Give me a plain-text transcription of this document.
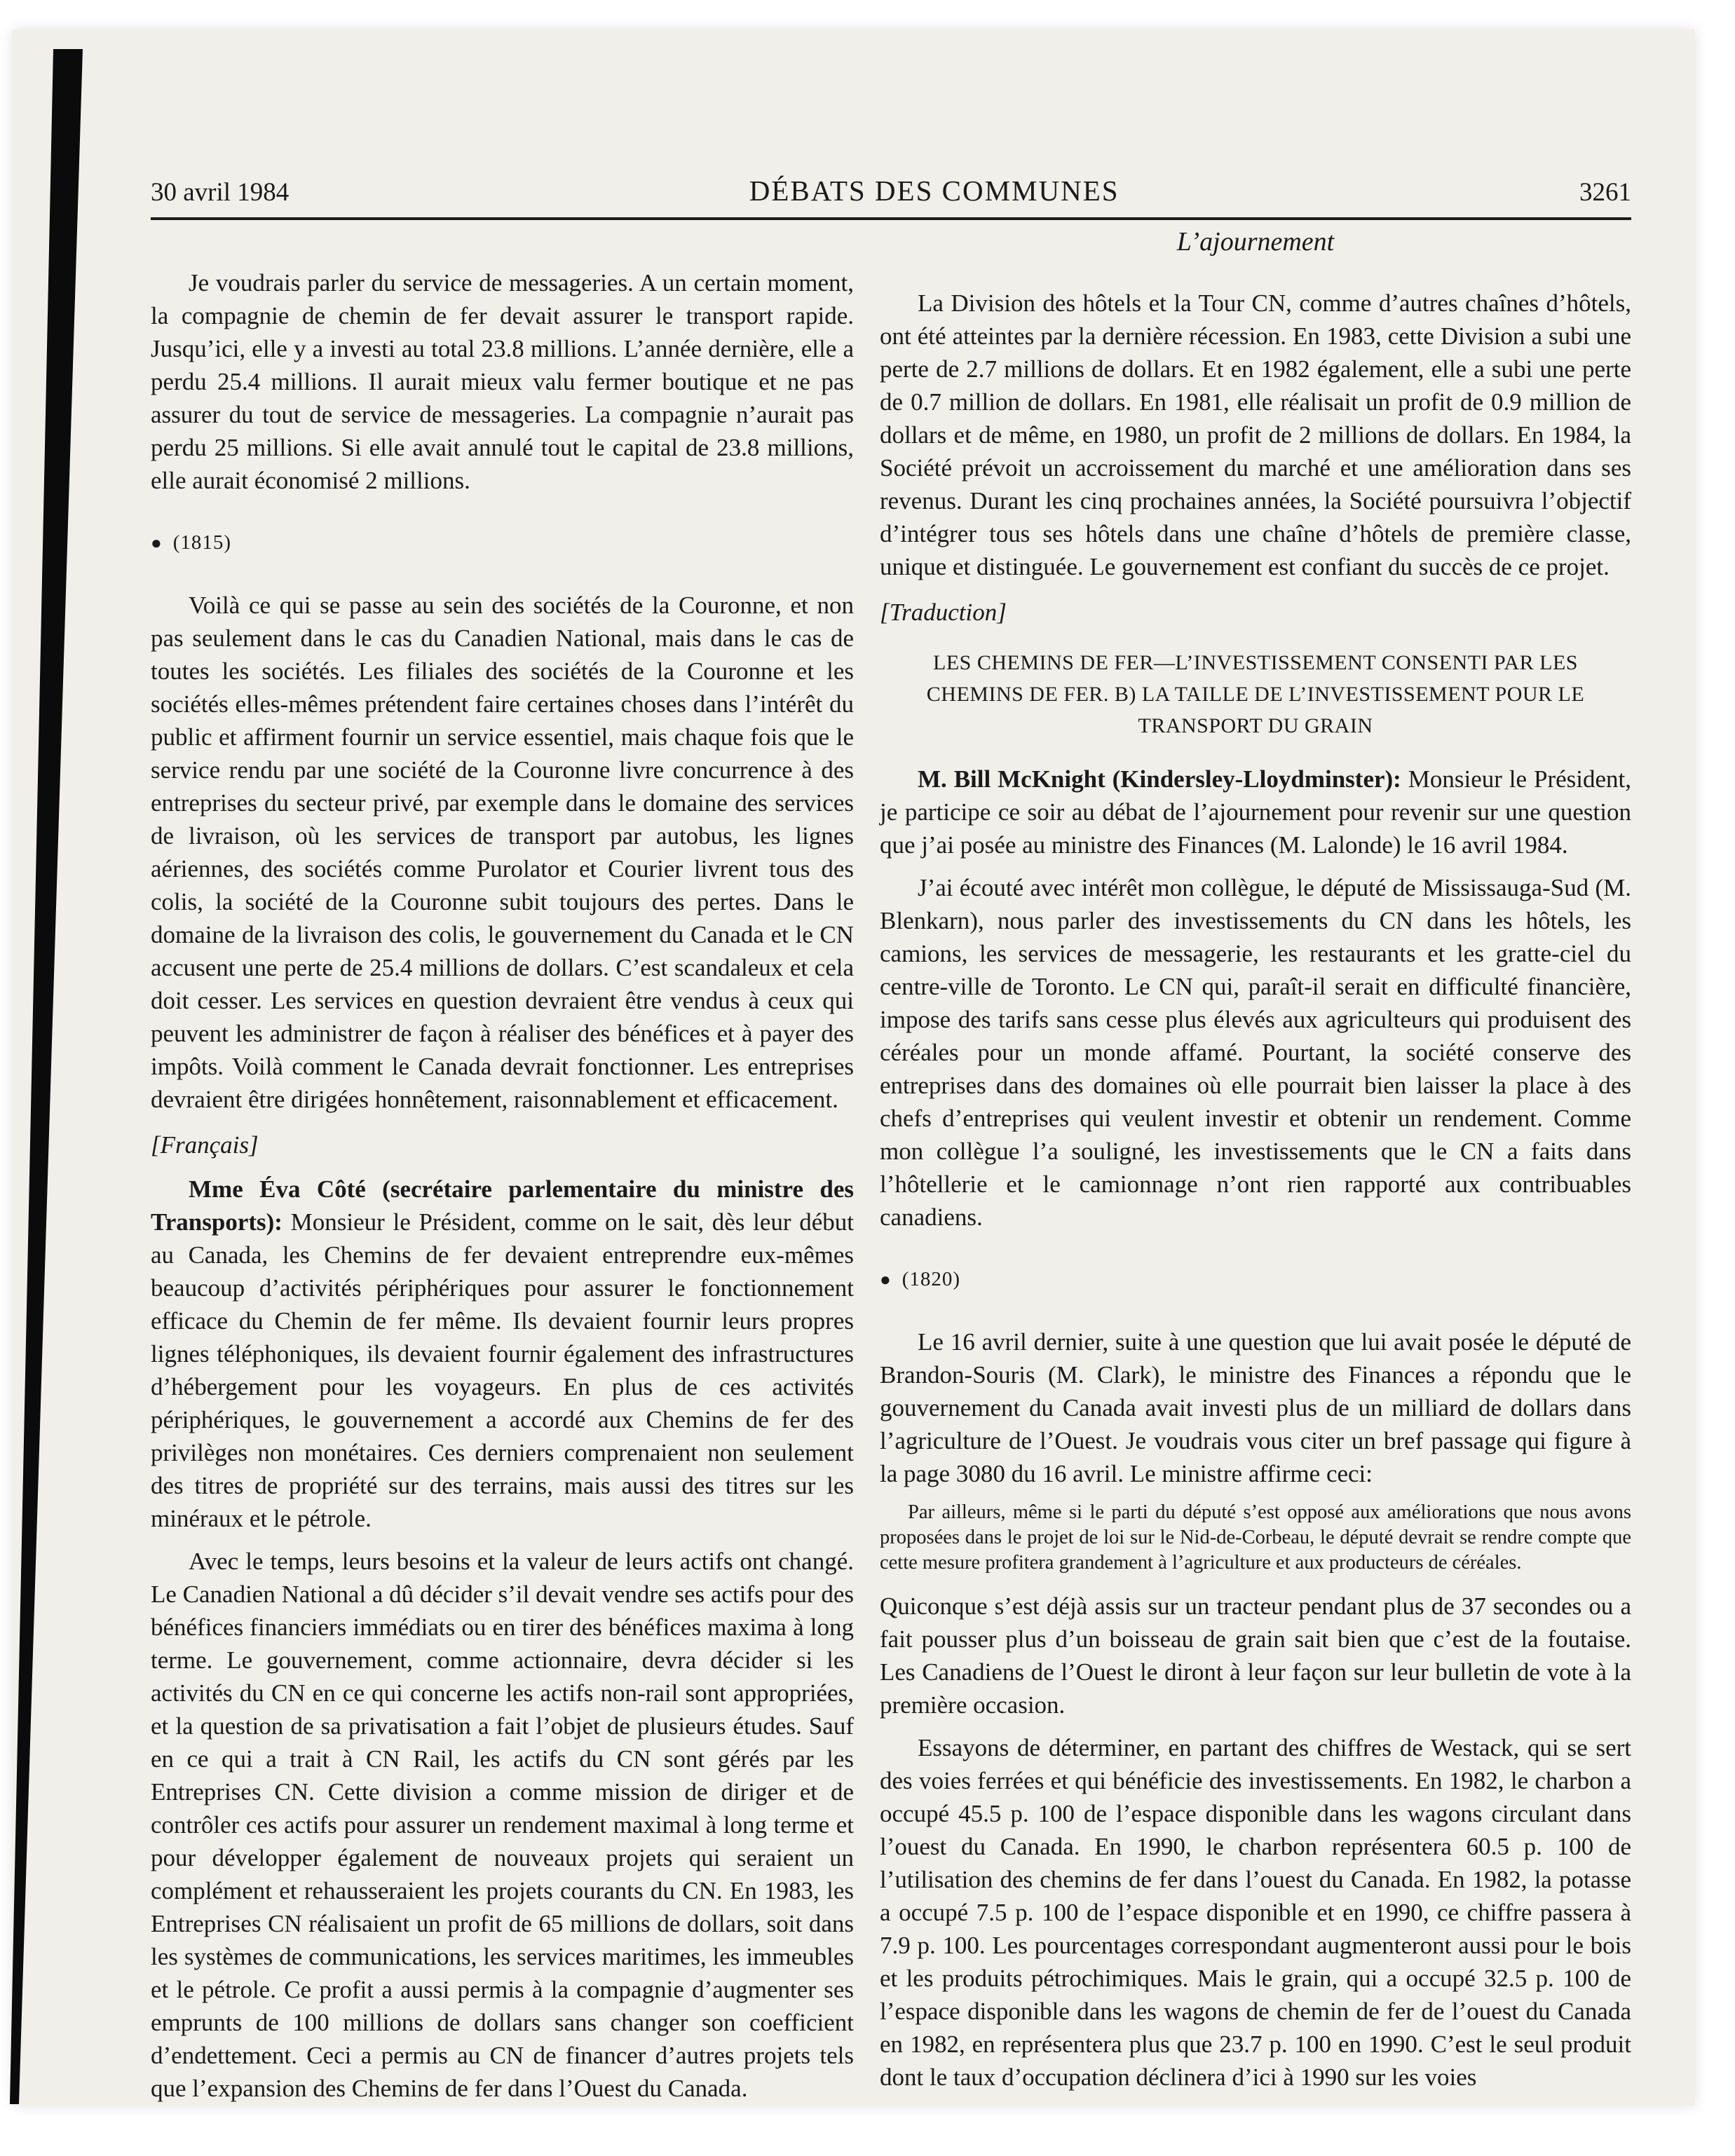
30 avril 1984	DÉBATS DES COMMUNES	3261

Je voudrais parler du service de messageries. A un certain moment, la compagnie de chemin de fer devait assurer le transport rapide. Jusqu’ici, elle y a investi au total 23.8 millions. L’année dernière, elle a perdu 25.4 millions. Il aurait mieux valu fermer boutique et ne pas assurer du tout de service de messageries. La compagnie n’aurait pas perdu 25 millions. Si elle avait annulé tout le capital de 23.8 millions, elle aurait économisé 2 millions.

● (1815)

Voilà ce qui se passe au sein des sociétés de la Couronne, et non pas seulement dans le cas du Canadien National, mais dans le cas de toutes les sociétés. Les filiales des sociétés de la Couronne et les sociétés elles-mêmes prétendent faire certaines choses dans l’intérêt du public et affirment fournir un service essentiel, mais chaque fois que le service rendu par une société de la Couronne livre concurrence à des entreprises du secteur privé, par exemple dans le domaine des services de livraison, où les services de transport par autobus, les lignes aériennes, des sociétés comme Purolator et Courier livrent tous des colis, la société de la Couronne subit toujours des pertes. Dans le domaine de la livraison des colis, le gouvernement du Canada et le CN accusent une perte de 25.4 millions de dollars. C’est scandaleux et cela doit cesser. Les services en question devraient être vendus à ceux qui peuvent les administrer de façon à réaliser des bénéfices et à payer des impôts. Voilà comment le Canada devrait fonctionner. Les entreprises devraient être dirigées honnêtement, raisonnablement et efficacement.

[Français]

Mme Éva Côté (secrétaire parlementaire du ministre des Transports): Monsieur le Président, comme on le sait, dès leur début au Canada, les Chemins de fer devaient entreprendre eux-mêmes beaucoup d’activités périphériques pour assurer le fonctionnement efficace du Chemin de fer même. Ils devaient fournir leurs propres lignes téléphoniques, ils devaient fournir également des infrastructures d’hébergement pour les voyageurs. En plus de ces activités périphériques, le gouvernement a accordé aux Chemins de fer des privilèges non monétaires. Ces derniers comprenaient non seulement des titres de propriété sur des terrains, mais aussi des titres sur les minéraux et le pétrole.

Avec le temps, leurs besoins et la valeur de leurs actifs ont changé. Le Canadien National a dû décider s’il devait vendre ses actifs pour des bénéfices financiers immédiats ou en tirer des bénéfices maxima à long terme. Le gouvernement, comme actionnaire, devra décider si les activités du CN en ce qui concerne les actifs non-rail sont appropriées, et la question de sa privatisation a fait l’objet de plusieurs études. Sauf en ce qui a trait à CN Rail, les actifs du CN sont gérés par les Entreprises CN. Cette division a comme mission de diriger et de contrôler ces actifs pour assurer un rendement maximal à long terme et pour développer également de nouveaux projets qui seraient un complément et rehausseraient les projets courants du CN. En 1983, les Entreprises CN réalisaient un profit de 65 millions de dollars, soit dans les systèmes de communications, les services maritimes, les immeubles et le pétrole. Ce profit a aussi permis à la compagnie d’augmenter ses emprunts de 100 millions de dollars sans changer son coefficient d’endettement. Ceci a permis au CN de financer d’autres projets tels que l’expansion des Chemins de fer dans l’Ouest du Canada.

L’ajournement

La Division des hôtels et la Tour CN, comme d’autres chaînes d’hôtels, ont été atteintes par la dernière récession. En 1983, cette Division a subi une perte de 2.7 millions de dollars. Et en 1982 également, elle a subi une perte de 0.7 million de dollars. En 1981, elle réalisait un profit de 0.9 million de dollars et de même, en 1980, un profit de 2 millions de dollars. En 1984, la Société prévoit un accroissement du marché et une amélioration dans ses revenus. Durant les cinq prochaines années, la Société poursuivra l’objectif d’intégrer tous ses hôtels dans une chaîne d’hôtels de première classe, unique et distinguée. Le gouvernement est confiant du succès de ce projet.

[Traduction]

LES CHEMINS DE FER—L’INVESTISSEMENT CONSENTI PAR LES CHEMINS DE FER. B) LA TAILLE DE L’INVESTISSEMENT POUR LE TRANSPORT DU GRAIN

M. Bill McKnight (Kindersley-Lloydminster): Monsieur le Président, je participe ce soir au débat de l’ajournement pour revenir sur une question que j’ai posée au ministre des Finances (M. Lalonde) le 16 avril 1984.

J’ai écouté avec intérêt mon collègue, le député de Mississauga-Sud (M. Blenkarn), nous parler des investissements du CN dans les hôtels, les camions, les services de messagerie, les restaurants et les gratte-ciel du centre-ville de Toronto. Le CN qui, paraît-il serait en difficulté financière, impose des tarifs sans cesse plus élevés aux agriculteurs qui produisent des céréales pour un monde affamé. Pourtant, la société conserve des entreprises dans des domaines où elle pourrait bien laisser la place à des chefs d’entreprises qui veulent investir et obtenir un rendement. Comme mon collègue l’a souligné, les investissements que le CN a faits dans l’hôtellerie et le camionnage n’ont rien rapporté aux contribuables canadiens.

● (1820)

Le 16 avril dernier, suite à une question que lui avait posée le député de Brandon-Souris (M. Clark), le ministre des Finances a répondu que le gouvernement du Canada avait investi plus de un milliard de dollars dans l’agriculture de l’Ouest. Je voudrais vous citer un bref passage qui figure à la page 3080 du 16 avril. Le ministre affirme ceci:

Par ailleurs, même si le parti du député s’est opposé aux améliorations que nous avons proposées dans le projet de loi sur le Nid-de-Corbeau, le député devrait se rendre compte que cette mesure profitera grandement à l’agriculture et aux producteurs de céréales.

Quiconque s’est déjà assis sur un tracteur pendant plus de 37 secondes ou a fait pousser plus d’un boisseau de grain sait bien que c’est de la foutaise. Les Canadiens de l’Ouest le diront à leur façon sur leur bulletin de vote à la première occasion.

Essayons de déterminer, en partant des chiffres de Westack, qui se sert des voies ferrées et qui bénéficie des investissements. En 1982, le charbon a occupé 45.5 p. 100 de l’espace disponible dans les wagons circulant dans l’ouest du Canada. En 1990, le charbon représentera 60.5 p. 100 de l’utilisation des chemins de fer dans l’ouest du Canada. En 1982, la potasse a occupé 7.5 p. 100 de l’espace disponible et en 1990, ce chiffre passera à 7.9 p. 100. Les pourcentages correspondant augmenteront aussi pour le bois et les produits pétrochimiques. Mais le grain, qui a occupé 32.5 p. 100 de l’espace disponible dans les wagons de chemin de fer de l’ouest du Canada en 1982, en représentera plus que 23.7 p. 100 en 1990. C’est le seul produit dont le taux d’occupation déclinera d’ici à 1990 sur les voies
